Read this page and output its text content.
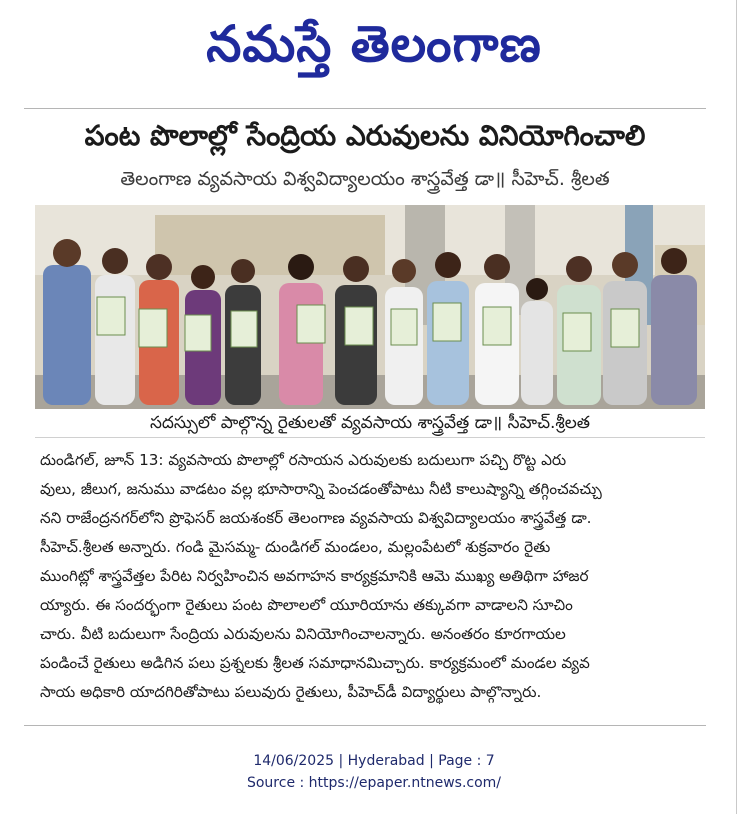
నమస్తే తెలంగాణ
పంట పొలాల్లో సేంద్రియ ఎరువులను వినియోగించాలి
తెలంగాణ వ్యవసాయ విశ్వవిద్యాలయం శాస్త్రవేత్త డా॥ సీహెచ్. శ్రీలత
సదస్సులో పాల్గొన్న రైతులతో వ్యవసాయ శాస్త్రవేత్త డా॥ సీహెచ్.శ్రీలత
దుండిగల్, జూన్ 13: వ్యవసాయ పొలాల్లో రసాయన ఎరువులకు బదులుగా పచ్చి రొట్ట ఎరు
వులు, జీలుగ, జనుము వాడటం వల్ల భూసారాన్ని పెంచడంతోపాటు నీటి కాలుష్యాన్ని తగ్గించవచ్చు
నని రాజేంద్రనగర్‌లోని ప్రొఫెసర్ జయశంకర్ తెలంగాణ వ్యవసాయ విశ్వవిద్యాలయం శాస్త్రవేత్త డా.
సీహెచ్.శ్రీలత అన్నారు. గండి మైసమ్మ- దుండిగల్ మండలం, మల్లంపేటలో శుక్రవారం రైతు
ముంగిట్లో శాస్త్రవేత్తల పేరిట నిర్వహించిన అవగాహన కార్యక్రమానికి ఆమె ముఖ్య అతిథిగా హాజర
య్యారు. ఈ సందర్భంగా రైతులు పంట పొలాలలో యూరియాను తక్కువగా వాడాలని సూచిం
చారు. వీటి బదులుగా సేంద్రియ ఎరువులను వినియోగించాలన్నారు. అనంతరం కూరగాయల
పండించే రైతులు అడిగిన పలు ప్రశ్నలకు శ్రీలత సమాధానమిచ్చారు. కార్యక్రమంలో మండల వ్యవ
సాయ అధికారి యాదగిరితోపాటు పలువురు రైతులు, పీహెచ్‌డీ విద్యార్థులు పాల్గొన్నారు.
14/06/2025 | Hyderabad | Page : 7
Source : https://epaper.ntnews.com/
